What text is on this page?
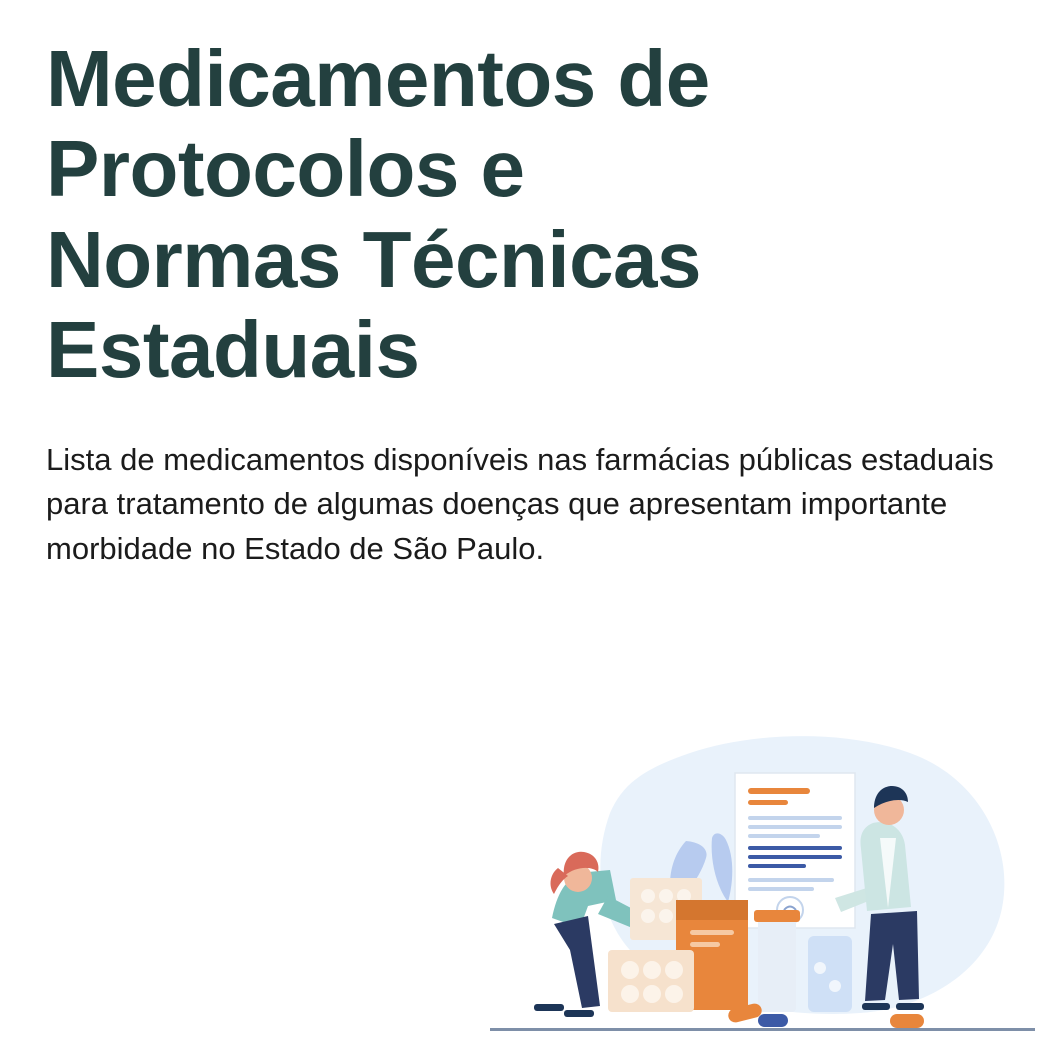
Medicamentos de Protocolos e Normas Técnicas Estaduais

Lista de medicamentos disponíveis nas farmácias públicas estaduais para tratamento de algumas doenças que apresentam importante morbidade no Estado de São Paulo.
